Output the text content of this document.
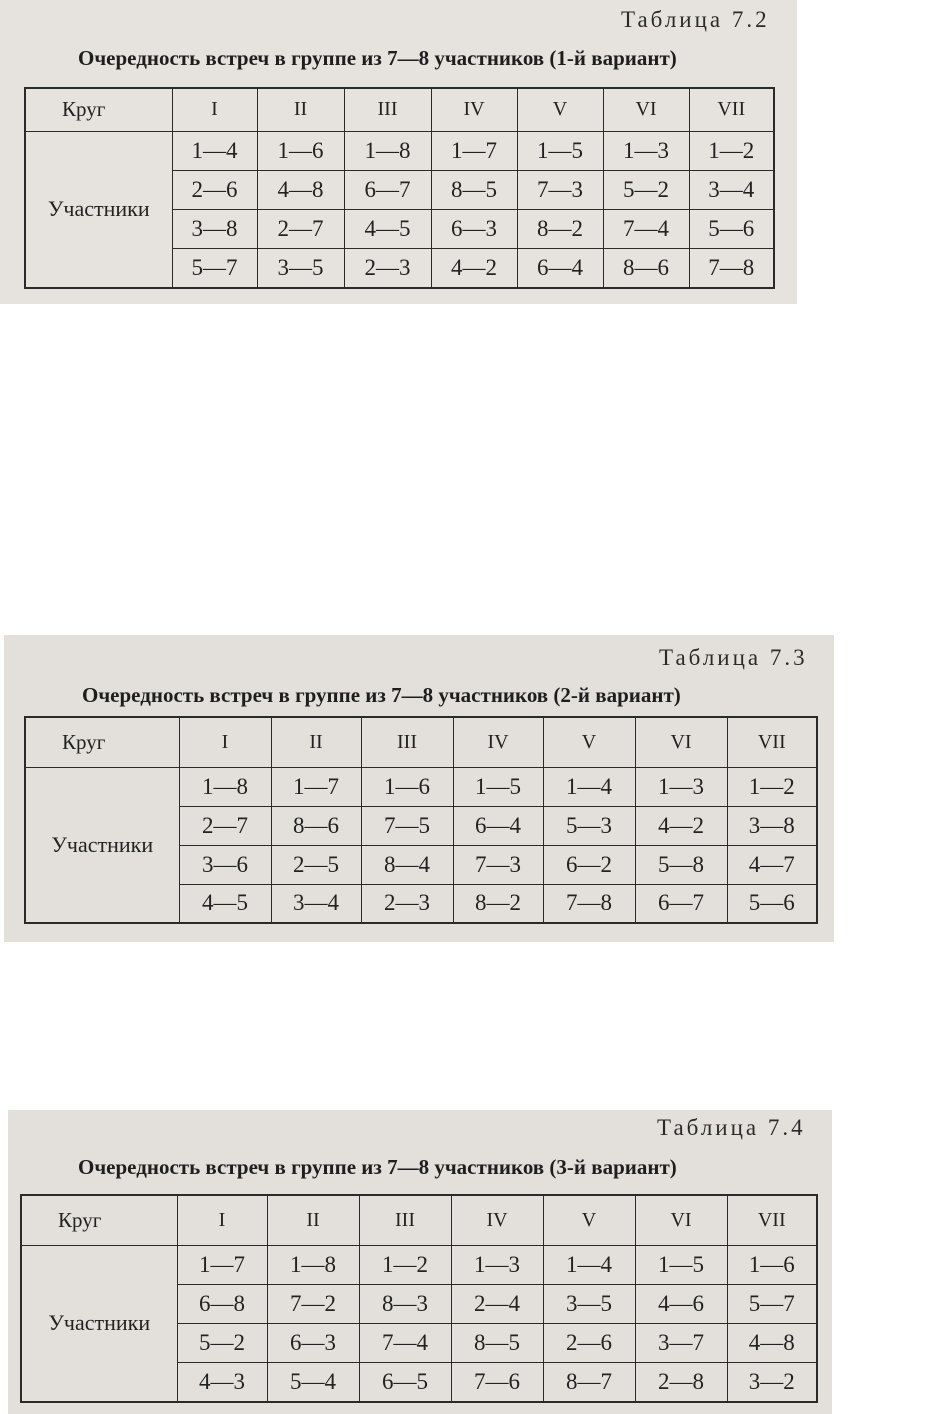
Таблица 7.2
Очередность встреч в группе из 7—8 участников (1-й вариант)
Круг	I	II	III	IV	V	VI	VII
Участники	1—4	1—6	1—8	1—7	1—5	1—3	1—2
	2—6	4—8	6—7	8—5	7—3	5—2	3—4
	3—8	2—7	4—5	6—3	8—2	7—4	5—6
	5—7	3—5	2—3	4—2	6—4	8—6	7—8
Таблица 7.3
Очередность встреч в группе из 7—8 участников (2-й вариант)
Круг	I	II	III	IV	V	VI	VII
Участники	1—8	1—7	1—6	1—5	1—4	1—3	1—2
	2—7	8—6	7—5	6—4	5—3	4—2	3—8
	3—6	2—5	8—4	7—3	6—2	5—8	4—7
	4—5	3—4	2—3	8—2	7—8	6—7	5—6
Таблица 7.4
Очередность встреч в группе из 7—8 участников (3-й вариант)
Круг	I	II	III	IV	V	VI	VII
Участники	1—7	1—8	1—2	1—3	1—4	1—5	1—6
	6—8	7—2	8—3	2—4	3—5	4—6	5—7
	5—2	6—3	7—4	8—5	2—6	3—7	4—8
	4—3	5—4	6—5	7—6	8—7	2—8	3—2
